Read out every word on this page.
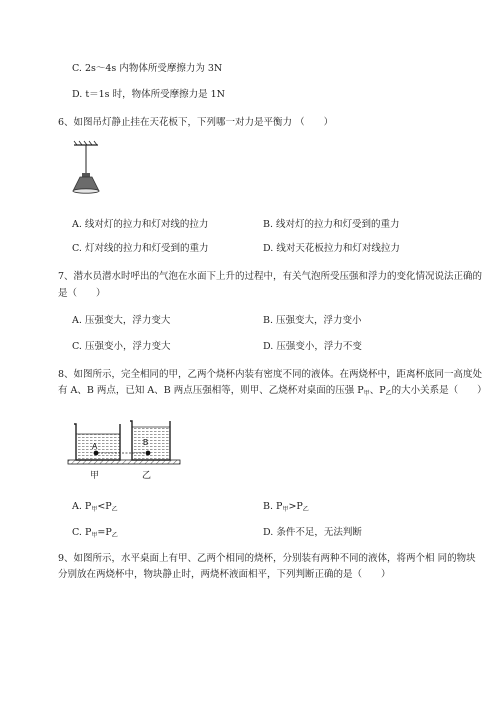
C. 2s～4s 内物体所受摩擦力为 3N
D. t＝1s 时，物体所受摩擦力是 1N
6、如图吊灯静止挂在天花板下，下列哪一对力是平衡力 （　　）
A. 线对灯的拉力和灯对线的拉力	B. 线对灯的拉力和灯受到的重力
C. 灯对线的拉力和灯受到的重力	D. 线对天花板拉力和灯对线拉力
7、潜水员潜水时呼出的气泡在水面下上升的过程中，有关气泡所受压强和浮力的变化情况说法正确的
是（　　）
A. 压强变大，浮力变大	B. 压强变大，浮力变小
C. 压强变小，浮力变大	D. 压强变小，浮力不变
8、如图所示，完全相同的甲，乙两个烧杯内装有密度不同的液体。在两烧杯中，距离杯底同一高度处
有 A、B 两点，已知 A、B 两点压强相等，则甲、乙烧杯对桌面的压强 $P_甲$、$P_乙$的大小关系是（　　）
A	B
甲	乙
A. $P_甲<P_乙$	B. $P_甲>P_乙$
C. $P_甲=P_乙$	D. 条件不足，无法判断
9、如图所示，水平桌面上有甲、乙两个相同的烧杯，分别装有两种不同的液体，将两个相 同的物块
分别放在两烧杯中，物块静止时，两烧杯液面相平，下列判断正确的是（　　）
